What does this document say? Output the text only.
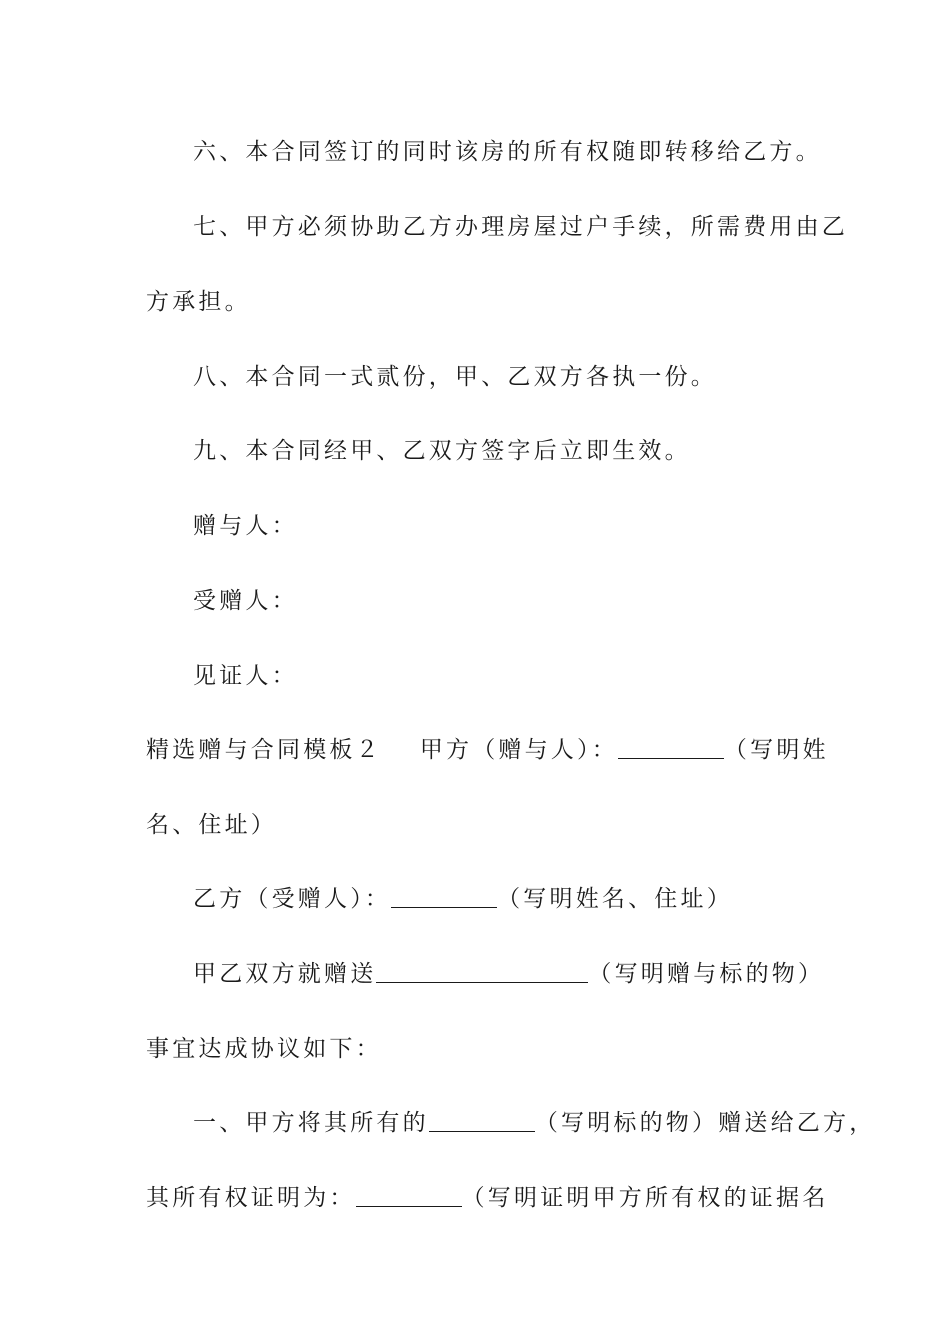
六、本合同签订的同时该房的所有权随即转移给乙方。
七、甲方必须协助乙方办理房屋过户手续，所需费用由乙
方承担。
八、本合同一式贰份，甲、乙双方各执一份。
九、本合同经甲、乙双方签字后立即生效。
赠与人：
受赠人：
见证人：
精选赠与合同模板２ 甲方（赠与人）：	（写明姓
名、住址）
乙方（受赠人）：	（写明姓名、住址）
甲乙双方就赠送	（写明赠与标的物）
事宜达成协议如下：
一、甲方将其所有的	（写明标的物）赠送给乙方，
其所有权证明为：	（写明证明甲方所有权的证据名
